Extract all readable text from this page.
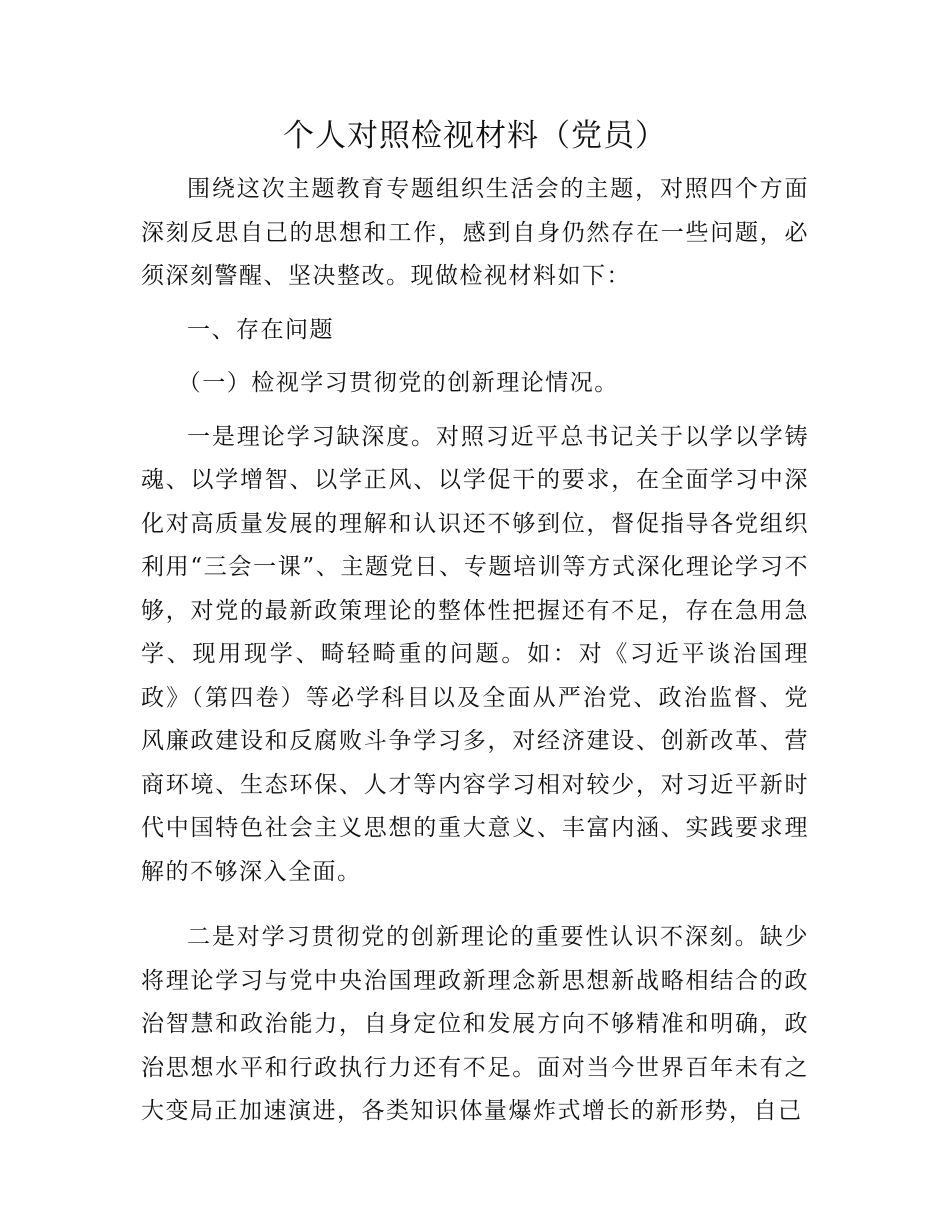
个人对照检视材料（党员）

围绕这次主题教育专题组织生活会的主题，对照四个方面深刻反思自己的思想和工作，感到自身仍然存在一些问题，必须深刻警醒、坚决整改。现做检视材料如下：

一、存在问题

（一）检视学习贯彻党的创新理论情况。

一是理论学习缺深度。对照习近平总书记关于以学以学铸魂、以学增智、以学正风、以学促干的要求，在全面学习中深化对高质量发展的理解和认识还不够到位，督促指导各党组织利用“三会一课”、主题党日、专题培训等方式深化理论学习不够，对党的最新政策理论的整体性把握还有不足，存在急用急学、现用现学、畸轻畸重的问题。如：对《习近平谈治国理政》（第四卷）等必学科目以及全面从严治党、政治监督、党风廉政建设和反腐败斗争学习多，对经济建设、创新改革、营商环境、生态环保、人才等内容学习相对较少，对习近平新时代中国特色社会主义思想的重大意义、丰富内涵、实践要求理解的不够深入全面。

二是对学习贯彻党的创新理论的重要性认识不深刻。缺少将理论学习与党中央治国理政新理念新思想新战略相结合的政治智慧和政治能力，自身定位和发展方向不够精准和明确，政治思想水平和行政执行力还有不足。面对当今世界百年未有之大变局正加速演进，各类知识体量爆炸式增长的新形势，自己
